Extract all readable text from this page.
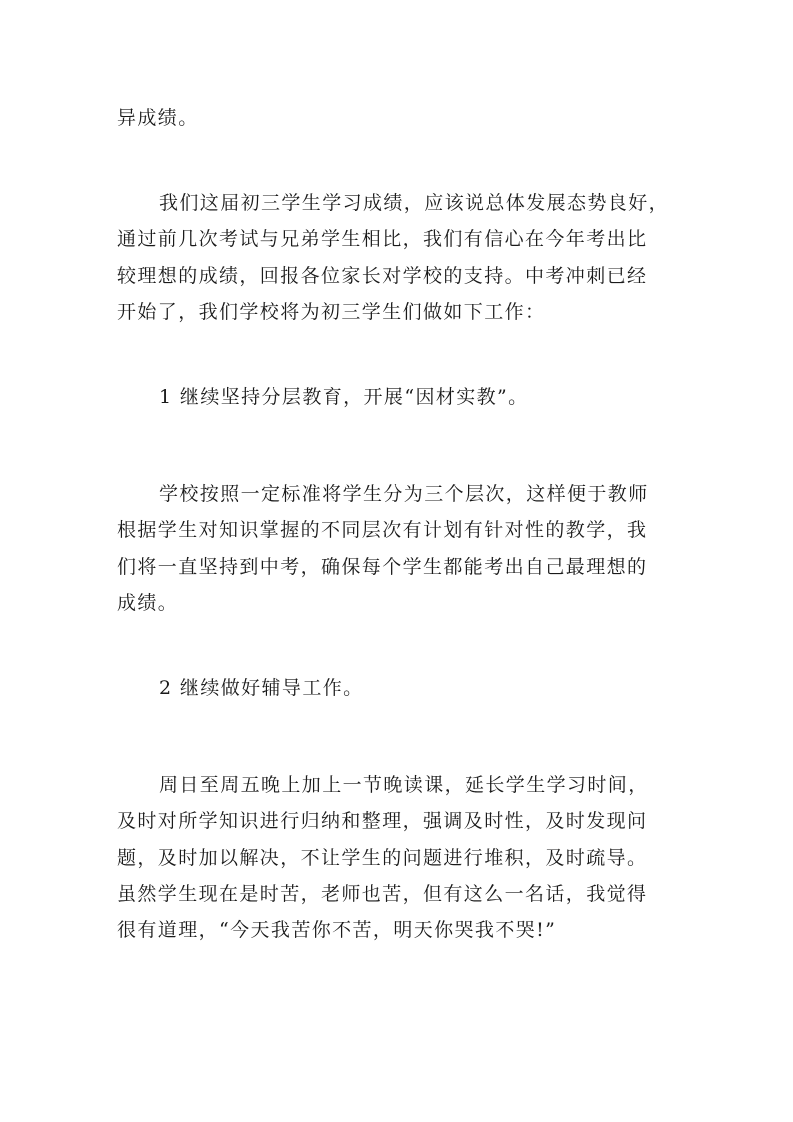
异成绩。
我们这届初三学生学习成绩，应该说总体发展态势良好，
通过前几次考试与兄弟学生相比，我们有信心在今年考出比
较理想的成绩，回报各位家长对学校的支持。中考冲刺已经
开始了，我们学校将为初三学生们做如下工作：
1 继续坚持分层教育，开展“因材实教”。
学校按照一定标准将学生分为三个层次，这样便于教师
根据学生对知识掌握的不同层次有计划有针对性的教学，我
们将一直坚持到中考，确保每个学生都能考出自己最理想的
成绩。
2 继续做好辅导工作。
周日至周五晚上加上一节晚读课，延长学生学习时间，
及时对所学知识进行归纳和整理，强调及时性，及时发现问
题，及时加以解决，不让学生的问题进行堆积，及时疏导。
虽然学生现在是时苦，老师也苦，但有这么一名话，我觉得
很有道理，“今天我苦你不苦，明天你哭我不哭!”
